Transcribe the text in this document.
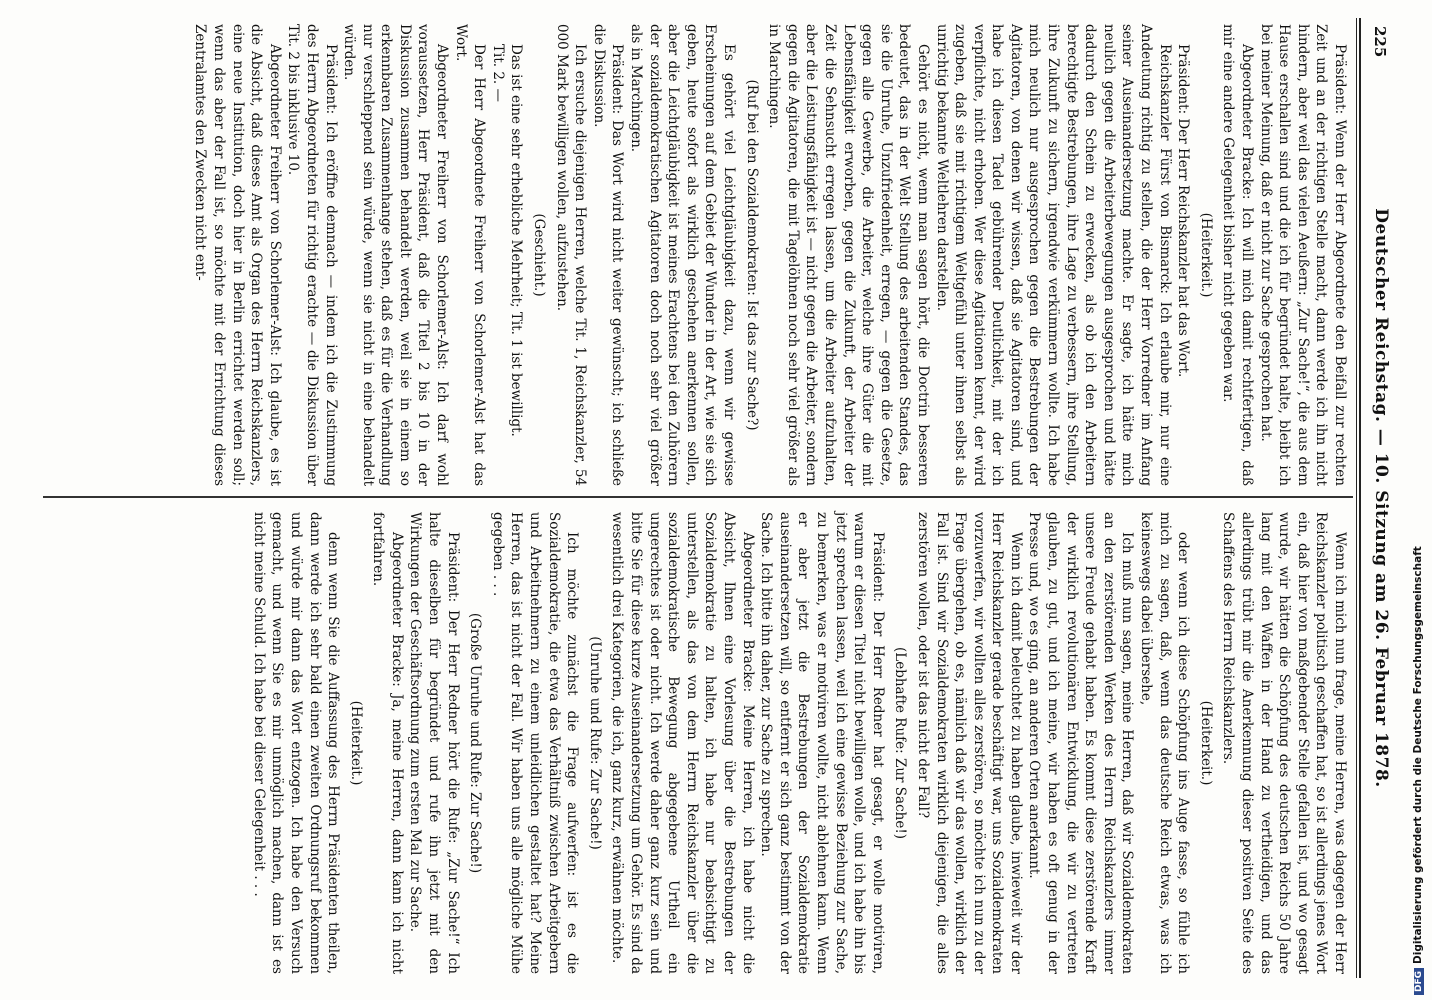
225
Deutscher Reichstag. — 10. Sitzung am 26. Februar 1878.

Präsident: Wenn der Herr Abgeordnete den Beifall zur rechten Zeit und an der richtigen Stelle macht, dann werde ich ihn nicht hindern, aber weil das vielen Aeußern: „Zur Sache!“, die aus dem Hause erschallen sind und die ich für begründet halte, bleibt ich bei meiner Meinung, daß er nicht zur Sache gesprochen hat.

Abgeordneter Bracke: Ich will mich damit rechtfertigen, daß mir eine andere Gelegenheit bisher nicht gegeben war.

(Heiterkeit.)

Präsident: Der Herr Reichskanzler hat das Wort.

Reichskanzler Fürst von Bismarck: Ich erlaube mir, nur eine Andeutung richtig zu stellen, die der Herr Vorredner im Anfang seiner Auseinandersetzung machte. Er sagte, ich hätte mich neulich gegen die Arbeiterbewegungen ausgesprochen und hätte dadurch den Schein zu erwecken, als ob ich den Arbeitern berechtigte Bestrebungen, ihre Lage zu verbessern, ihre Stellung, ihre Zukunft zu sichern, irgendwie verkümmern wollte. Ich habe mich neulich nur ausgesprochen gegen die Bestrebungen der Agitatoren, von denen wir wissen, daß sie Agitatoren sind, und habe ich diesen Tadel gebührender Deutlichkeit, mit der ich verpflichte, nicht erhoben. Wer diese Agitationen kennt, der wird zugeben, daß sie mit richtigem Weltgefühl unter ihnen selbst als unrichtig bekannte Weltlehren darstellen.

Gehört es nicht, wenn man sagen hört, die Doctrin besseren bedeutet, das in der Welt Stellung des arbeitenden Standes, das sie die Unruhe, Unzufriedenheit, erregen, — gegen die Gesetze, gegen alle Gewerbe, die Arbeiter, welche ihre Güter die mit Lebensfähigkeit erworben, gegen die Zukunft, der Arbeiter der Zeit die Sehnsucht erregen lassen, um die Arbeiter aufzuhalten, aber die Leistungsfähigkeit ist — nicht gegen die Arbeiter, sondern gegen die Agitatoren, die mit Tagelöhnen noch sehr viel größer als in Marchingen.

(Ruf bei den Sozialdemokraten: Ist das zur Sache?)

Es gehört viel Leichtgläubigkeit dazu, wenn wir gewisse Erscheinungen auf dem Gebiet der Wunder in der Art, wie sie sich geben, heute sofort als wirklich geschehen anerkennen sollen, aber die Leichtgläubigkeit ist meines Erachtens bei den Zuhörern der sozialdemokratischen Agitatoren doch noch sehr viel größer als in Marchingen.

Präsident: Das Wort wird nicht weiter gewünscht; ich schließe die Diskussion.

Ich ersuche diejenigen Herren, welche Tit. 1, Reichskanzler, 54 000 Mark bewilligen wollen, aufzustehen.

(Geschieht.)

Das ist eine sehr erhebliche Mehrheit; Tit. 1 ist bewilligt.

Tit. 2. —

Der Herr Abgeordnete Freiherr von Schorlemer-Alst hat das Wort.

Abgeordneter Freiherr von Schorlemer-Alst: Ich darf wohl voraussetzen, Herr Präsident, daß die Titel 2 bis 10 in der Diskussion zusammen behandelt werden, weil sie in einem so erkennbaren Zusammenhange stehen, daß es für die Verhandlung nur verschleppend sein würde, wenn sie nicht in eine behandelt würden.

Präsident: Ich eröffne demnach — indem ich die Zustimmung des Herrn Abgeordneten für richtig erachte — die Diskussion über Tit. 2 bis inklusive 10.

Abgeordneter Freiherr von Schorlemer-Alst: Ich glaube, es ist die Absicht, daß dieses Amt als Organ des Herrn Reichskanzlers, eine neue Institution, doch hier in Berlin errichtet werden soll; wenn das aber der Fall ist, so möchte mit der Errichtung dieses Zentralamtes den Zwecken nicht ent-

Wenn ich mich nun frage, meine Herren, was dagegen der Herr Reichskanzler politisch geschaffen hat, so ist allerdings jenes Wort ein, daß hier von maßgebender Stelle gefallen ist, und wo gesagt wurde, wir hätten die Schöpfung des deutschen Reichs 50 Jahre lang mit den Waffen in der Hand zu vertheidigen, und das allerdings trübt mir die Anerkennung dieser positiven Seite des Schaffens des Herrn Reichskanzlers.

(Heiterkeit.)

oder wenn ich diese Schöpfung ins Auge fasse, so fühle ich mich zu sagen, daß, wenn das deutsche Reich etwas, was ich keineswegs dabei übersehe,

Ich muß nun sagen, meine Herren, daß wir Sozialdemokraten an den zerstörenden Werken des Herrn Reichskanzlers immer unsere Freude gehabt haben. Es kommt diese zerstörende Kraft der wirklich revolutionären Entwicklung, die wir zu vertreten glauben, zu gut, und ich meine, wir haben es oft genug in der Presse und, wo es ging, an anderen Orten anerkannt.

Wenn ich damit beleuchtet zu haben glaube, inwieweit wir der Herr Reichskanzler gerade beschäftigt war, uns Sozialdemokraten vorzuwerfen, wir wollten alles zerstören, so möchte ich nun zu der Frage übergehen, ob es, nämlich daß wir das wollen, wirklich der Fall ist. Sind wir Sozialdemokraten wirklich diejenigen, die alles zerstören wollen, oder ist das nicht der Fall?

(Lebhafte Rufe: Zur Sache!)

Präsident: Der Herr Redner hat gesagt, er wolle motiviren, warum er diesen Titel nicht bewilligen wolle, und ich habe ihn bis jetzt sprechen lassen, weil ich eine gewisse Beziehung zur Sache, zu bemerken, was er motiviren wollte, nicht ablehnen kann. Wenn er aber jetzt die Bestrebungen der Sozialdemokratie auseinandersetzen will, so entfernt er sich ganz bestimmt von der Sache. Ich bitte ihn daher, zur Sache zu sprechen.

Abgeordneter Bracke: Meine Herren, ich habe nicht die Absicht, Ihnen eine Vorlesung über die Bestrebungen der Sozialdemokratie zu halten, ich habe nur beabsichtigt zu unterstellen, als das von dem Herrn Reichskanzler über die sozialdemokratische Bewegung abgegebene Urtheil ein ungerechtes ist oder nicht. Ich werde daher ganz kurz sein und bitte Sie für diese kurze Auseinandersetzung um Gehör. Es sind da wesentlich drei Kategorien, die ich, ganz kurz, erwähnen möchte.

(Unruhe und Rufe: Zur Sache!)

Ich möchte zunächst die Frage aufwerfen: ist es die Sozialdemokratie, die etwa das Verhältniß zwischen Arbeitgebern und Arbeitnehmern zu einem unleidlichen gestaltet hat? Meine Herren, das ist nicht der Fall. Wir haben uns alle mögliche Mühe gegeben . . .

(Große Unruhe und Rufe: Zur Sache!)

Präsident: Der Herr Redner hört die Rufe: „Zur Sache!“ Ich halte dieselben für begründet und rufe ihn jetzt mit den Wirkungen der Geschäftsordnung zum ersten Mal zur Sache.

Abgeordneter Bracke: Ja, meine Herren, dann kann ich nicht fortfahren.

(Heiterkeit.)

denn wenn Sie die Auffassung des Herrn Präsidenten theilen, dann werde ich sehr bald einen zweiten Ordnungsruf bekommen und würde mir dann das Wort entzogen. Ich habe den Versuch gemacht, und wenn Sie es mir unmöglich machen, dann ist es nicht meine Schuld. Ich habe bei dieser Gelegenheit . . .

DFGDigitalisierung gefördert durch die Deutsche Forschungsgemeinschaft
